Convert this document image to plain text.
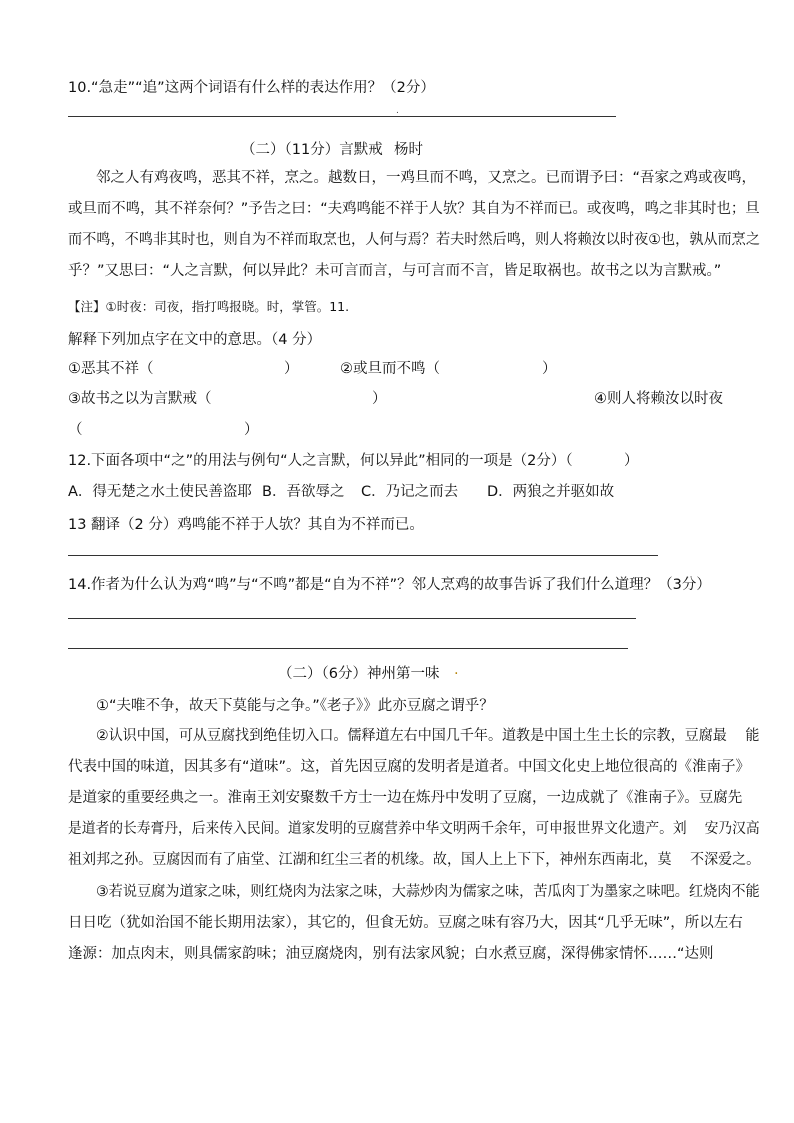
10.“急走”“追”这两个词语有什么样的表达作用？（2分）
.
（二）（11分）言默戒 杨时
邻之人有鸡夜鸣，恶其不祥，烹之。越数日，一鸡旦而不鸣，又烹之。已而谓予曰：“吾家之鸡或夜鸣，
或旦而不鸣，其不祥奈何？”予告之曰：“夫鸡鸣能不祥于人欤？其自为不祥而已。或夜鸣，鸣之非其时也；旦
而不鸣，不鸣非其时也，则自为不祥而取烹也，人何与焉？若夫时然后鸣，则人将赖汝以时夜①也，孰从而烹之
乎？”又思曰：“人之言默，何以异此？未可言而言，与可言而不言，皆足取祸也。故书之以为言默戒。”
【注】①时夜：司夜，指打鸣报晓。时，掌管。11.
解释下列加点字在文中的意思。（4 分）
①恶其不祥（	）	②或旦而不鸣（	）
③故书之以为言默戒（	）	④则人将赖汝以时夜
（	）
12.下面各项中“之”的用法与例句“人之言默，何以异此”相同的一项是（2分）（	）
A．得无楚之水土使民善盗耶 B．吾欲辱之 C．乃记之而去 D．两狼之并驱如故
13 翻译（2 分）鸡鸣能不祥于人欤？其自为不祥而已。
14.作者为什么认为鸡“鸣”与“不鸣”都是“自为不祥”？邻人烹鸡的故事告诉了我们什么道理？（3分）
（二）（6分）神州第一味 .
①“夫唯不争，故天下莫能与之争。”《老子》》此亦豆腐之谓乎？
②认识中国，可从豆腐找到绝佳切入口。儒释道左右中国几千年。道教是中国土生土长的宗教，豆腐最　 能
代表中国的味道，因其多有“道味”。这，首先因豆腐的发明者是道者。中国文化史上地位很高的《淮南子》
是道家的重要经典之一。淮南王刘安聚数千方士一边在炼丹中发明了豆腐，一边成就了《淮南子》。豆腐先
是道者的长寿膏丹，后来传入民间。道家发明的豆腐营养中华文明两千余年，可申报世界文化遗产。刘　 安乃汉高
祖刘邦之孙。豆腐因而有了庙堂、江湖和红尘三者的机缘。故，国人上上下下，神州东西南北，莫　 不深爱之。
③若说豆腐为道家之味，则红烧肉为法家之味，大蒜炒肉为儒家之味，苦瓜肉丁为墨家之味吧。红烧肉不能
日日吃（犹如治国不能长期用法家），其它的，但食无妨。豆腐之味有容乃大，因其“几乎无味”，所以左右
逢源：加点肉末，则具儒家韵味；油豆腐烧肉，别有法家风貌；白水煮豆腐，深得佛家情怀……“达则
